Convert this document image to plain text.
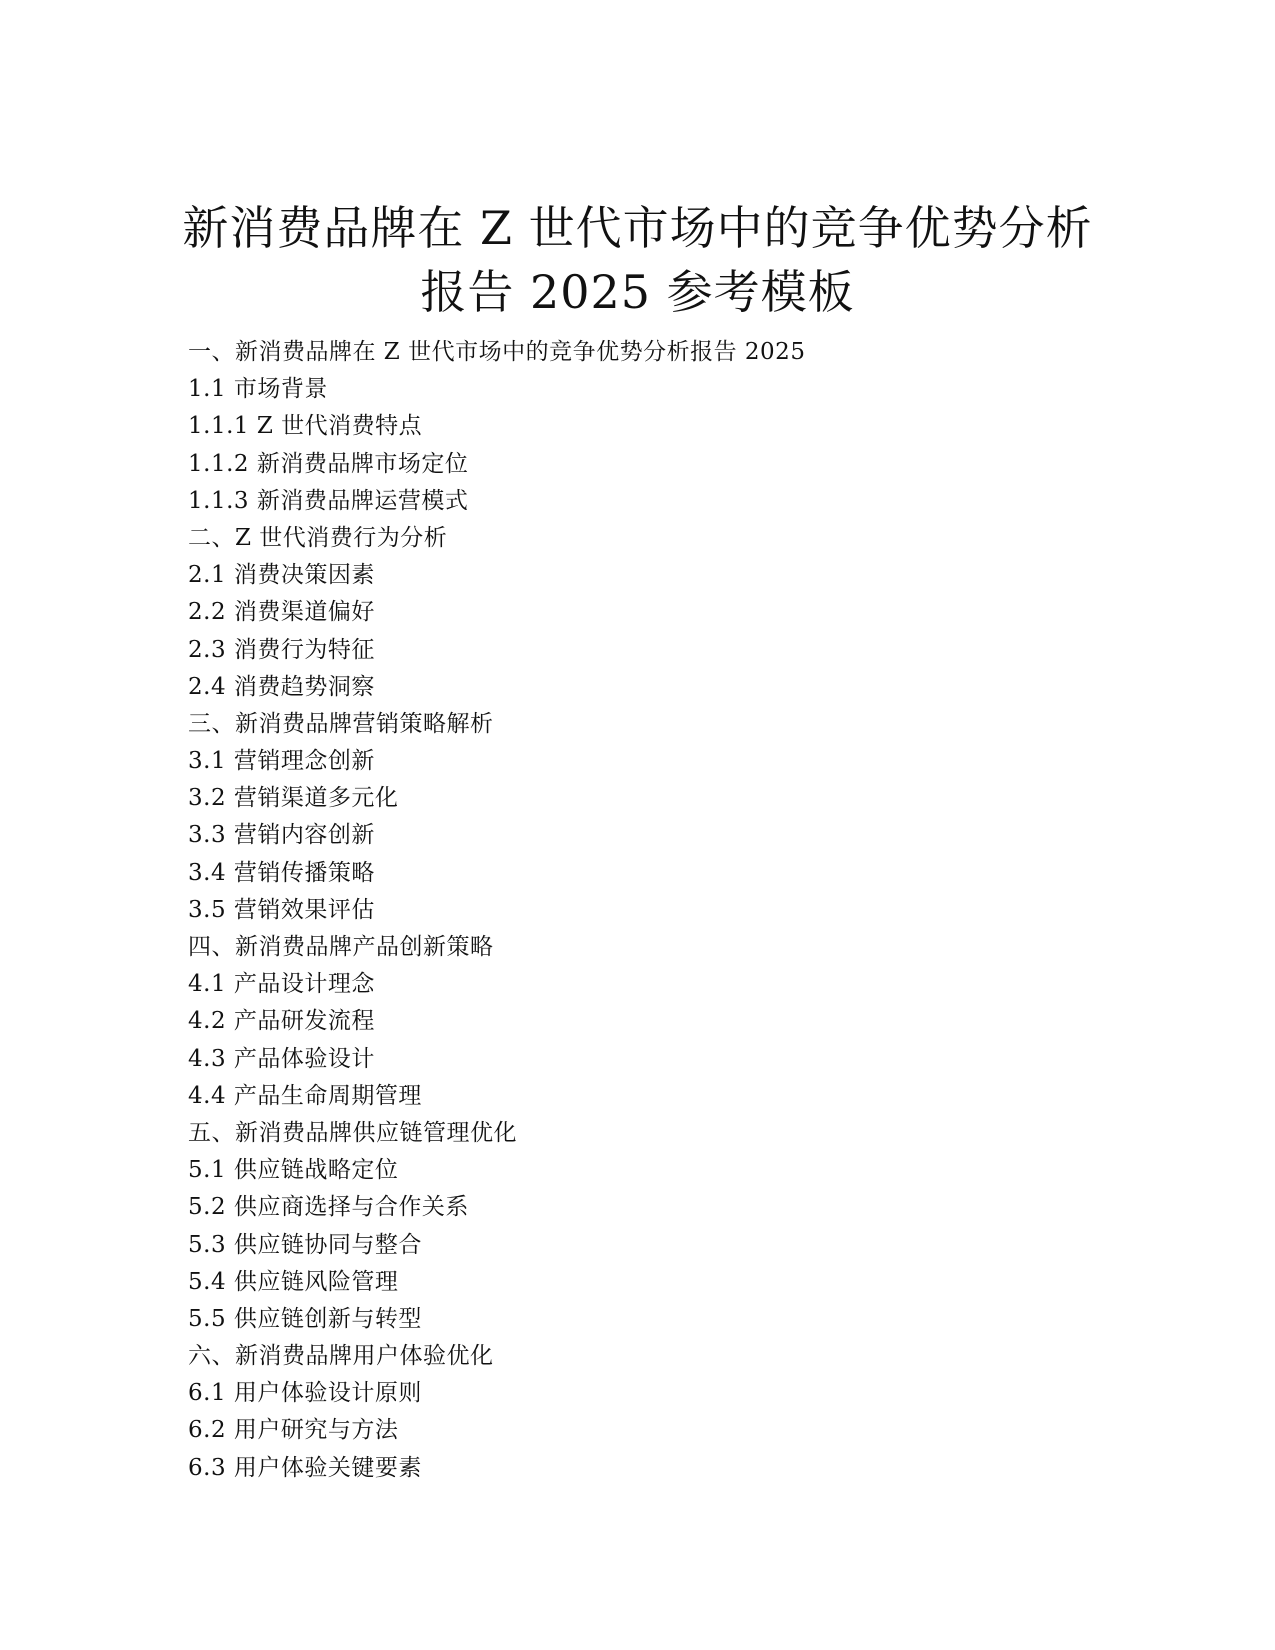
新消费品牌在 Z 世代市场中的竞争优势分析
报告 2025 参考模板
一、新消费品牌在 Z 世代市场中的竞争优势分析报告 2025
1.1 市场背景
1.1.1 Z 世代消费特点
1.1.2 新消费品牌市场定位
1.1.3 新消费品牌运营模式
二、Z 世代消费行为分析
2.1 消费决策因素
2.2 消费渠道偏好
2.3 消费行为特征
2.4 消费趋势洞察
三、新消费品牌营销策略解析
3.1 营销理念创新
3.2 营销渠道多元化
3.3 营销内容创新
3.4 营销传播策略
3.5 营销效果评估
四、新消费品牌产品创新策略
4.1 产品设计理念
4.2 产品研发流程
4.3 产品体验设计
4.4 产品生命周期管理
五、新消费品牌供应链管理优化
5.1 供应链战略定位
5.2 供应商选择与合作关系
5.3 供应链协同与整合
5.4 供应链风险管理
5.5 供应链创新与转型
六、新消费品牌用户体验优化
6.1 用户体验设计原则
6.2 用户研究与方法
6.3 用户体验关键要素
